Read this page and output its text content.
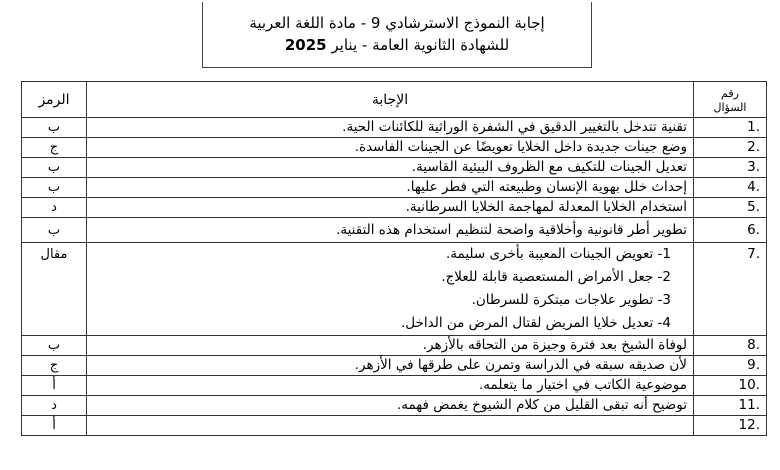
إجابة النموذج الاسترشادي 9 - مادة اللغة العربية
للشهادة الثانوية العامة - يناير 2025
رقم
السؤال	الإجابة	الرمز
.1	تقنية تتدخل بالتغيير الدقيق في الشفرة الوراثية للكائنات الحية.	ب
.2	وضع جينات جديدة داخل الخلايا تعويضًا عن الجينات الفاسدة.	ج
.3	تعديل الجينات للتكيف مع الظروف البيئية القاسية.	ب
.4	إحداث خلل بهوية الإنسان وطبيعته التي فطر عليها.	ب
.5	استخدام الخلايا المعدلة لمهاجمة الخلايا السرطانية.	د
.6	تطوير أطر قانونية وأخلاقية واضحة لتنظيم استخدام هذه التقنية.	ب
.7	1- تعويض الجينات المعيبة بأخرى سليمة.
2- جعل الأمراض المستعصية قابلة للعلاج.
3- تطوير علاجات مبتكرة للسرطان.
4- تعديل خلايا المريض لقتال المرض من الداخل.	مقال
.8	لوفاة الشيخ بعد فترة وجيزة من التحاقه بالأزهر.	ب
.9	لأن صديقه سبقه في الدراسة وتمرن على طرقها في الأزهر.	ج
.10	موضوعية الكاتب في اختيار ما يتعلمه.	أ
.11	توضيح أنه تبقى القليل من كلام الشيوخ يغمض فهمه.	د
.12		أ
